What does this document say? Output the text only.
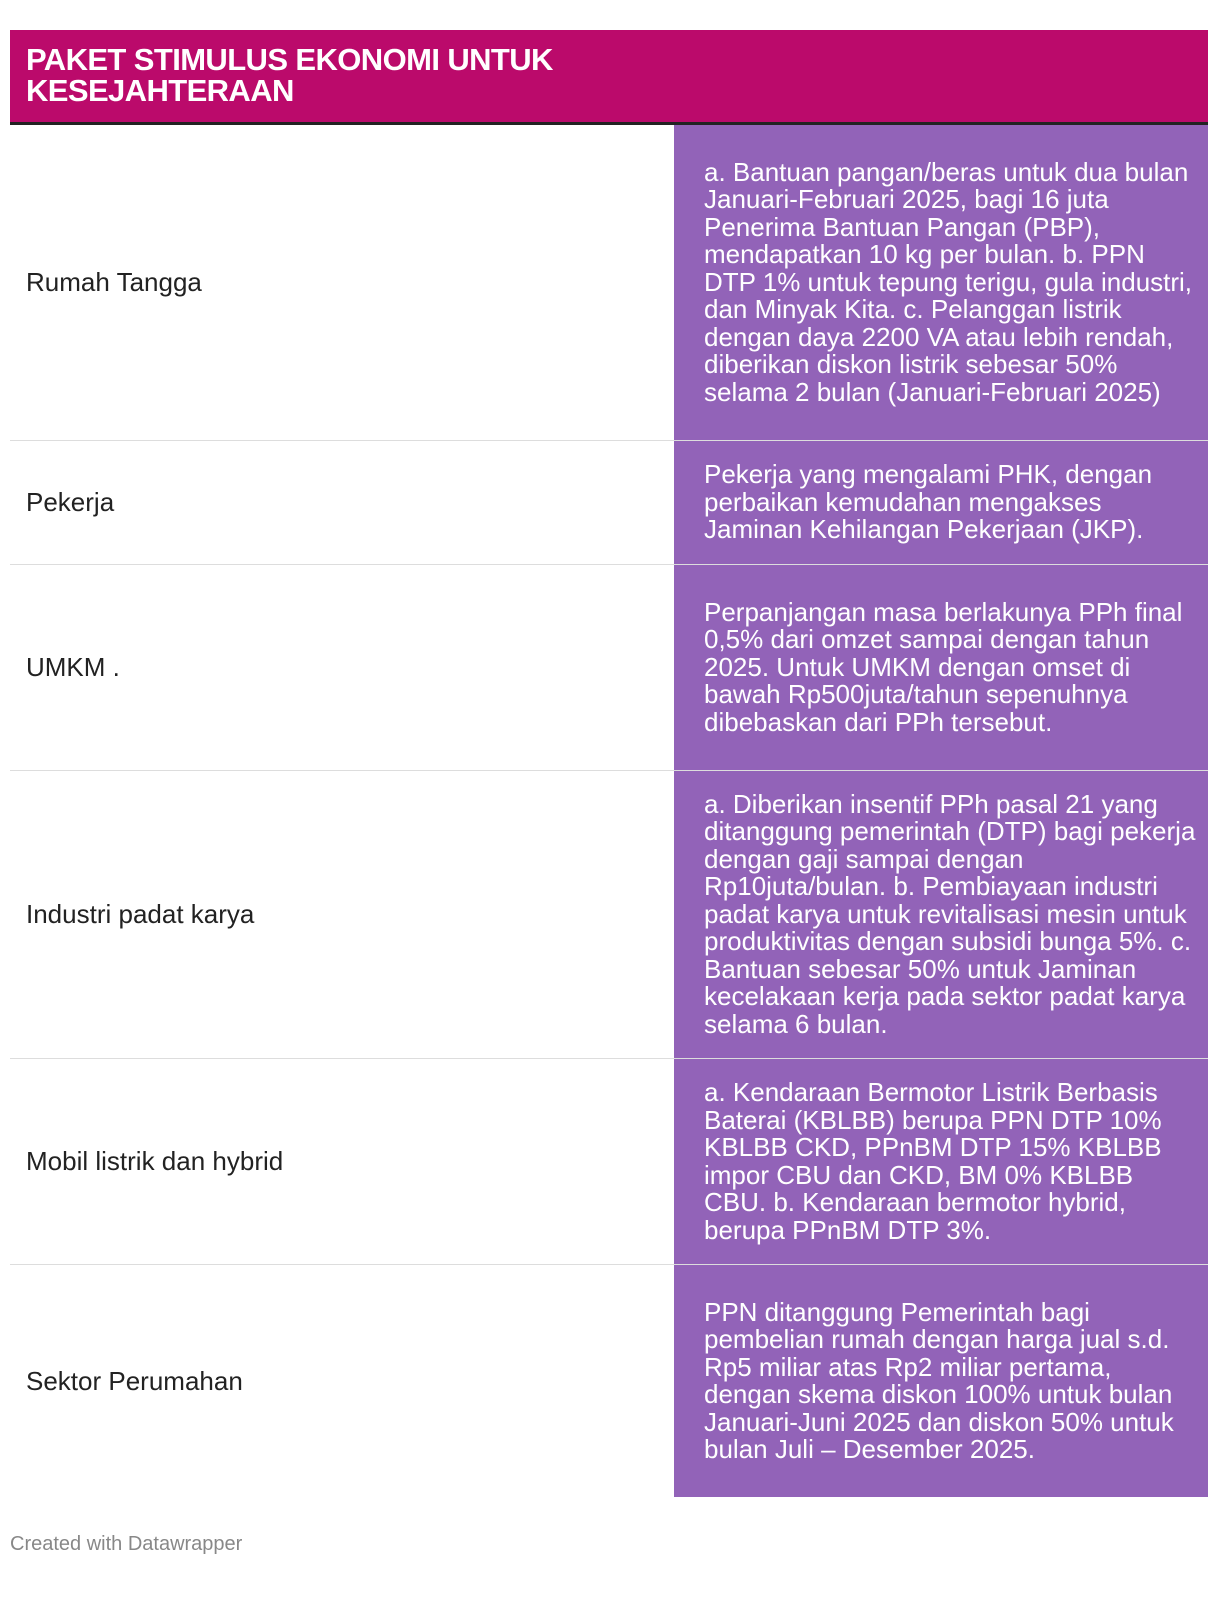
PAKET STIMULUS EKONOMI UNTUK KESEJAHTERAAN
Rumah Tangga
a. Bantuan pangan/beras untuk dua bulan Januari-Februari 2025, bagi 16 juta Penerima Bantuan Pangan (PBP), mendapatkan 10 kg per bulan. b. PPN DTP 1% untuk tepung terigu, gula industri, dan Minyak Kita. c. Pelanggan listrik dengan daya 2200 VA atau lebih rendah, diberikan diskon listrik sebesar 50% selama 2 bulan (Januari-Februari 2025)
Pekerja
Pekerja yang mengalami PHK, dengan perbaikan kemudahan mengakses Jaminan Kehilangan Pekerjaan (JKP).
UMKM .
Perpanjangan masa berlakunya PPh final 0,5% dari omzet sampai dengan tahun 2025. Untuk UMKM dengan omset di bawah Rp500juta/tahun sepenuhnya dibebaskan dari PPh tersebut.
Industri padat karya
a. Diberikan insentif PPh pasal 21 yang ditanggung pemerintah (DTP) bagi pekerja dengan gaji sampai dengan Rp10juta/bulan. b. Pembiayaan industri padat karya untuk revitalisasi mesin untuk produktivitas dengan subsidi bunga 5%. c. Bantuan sebesar 50% untuk Jaminan kecelakaan kerja pada sektor padat karya selama 6 bulan.
Mobil listrik dan hybrid
a. Kendaraan Bermotor Listrik Berbasis Baterai (KBLBB) berupa PPN DTP 10% KBLBB CKD, PPnBM DTP 15% KBLBB impor CBU dan CKD, BM 0% KBLBB CBU. b. Kendaraan bermotor hybrid, berupa PPnBM DTP 3%.
Sektor Perumahan
PPN ditanggung Pemerintah bagi pembelian rumah dengan harga jual s.d. Rp5 miliar atas Rp2 miliar pertama, dengan skema diskon 100% untuk bulan Januari-Juni 2025 dan diskon 50% untuk bulan Juli – Desember 2025.
Created with Datawrapper
